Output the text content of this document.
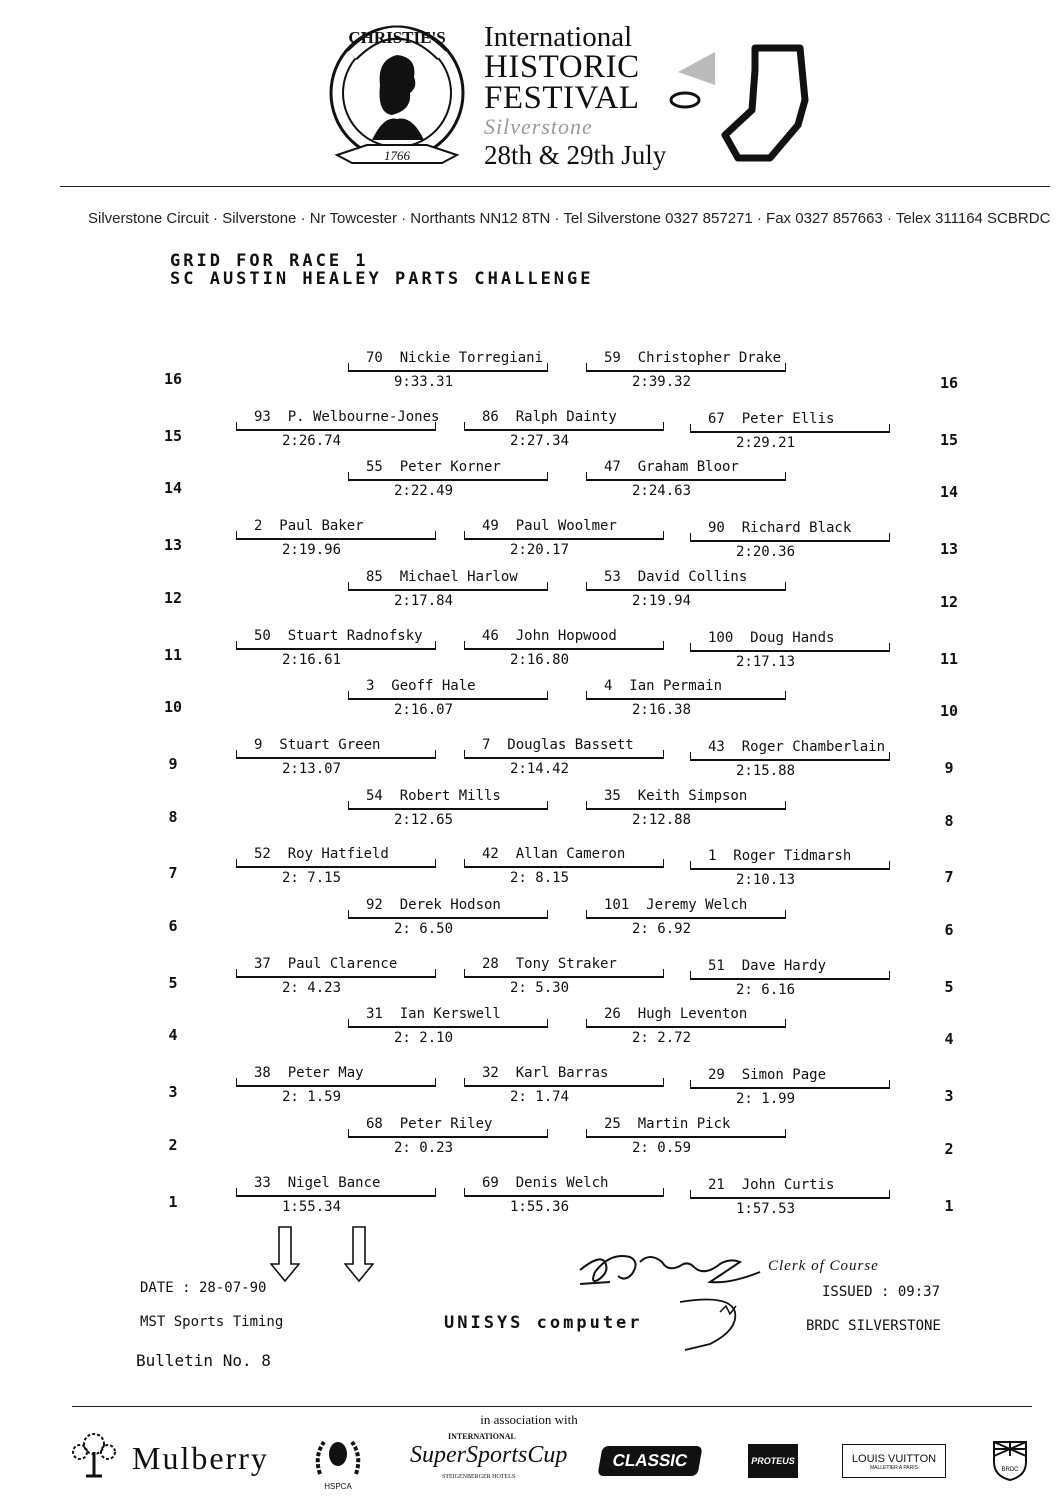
CHRISTIE'S
1766
International
HISTORIC
FESTIVAL
Silverstone
28th & 29th July
Silverstone Circuit · Silverstone · Nr Towcester · Northants NN12 8TN · Tel Silverstone 0327 857271 · Fax 0327 857663 · Telex 311164 SCBRDC
GRID FOR RACE 1
SC AUSTIN HEALEY PARTS CHALLENGE
16	16
70 Nickie Torregiani
9:33.31
59 Christopher Drake
2:39.32
15	15
93 P. Welbourne-Jones
2:26.74
86 Ralph Dainty
2:27.34
67 Peter Ellis
2:29.21
14	14
55 Peter Korner
2:22.49
47 Graham Bloor
2:24.63
13	13
2 Paul Baker
2:19.96
49 Paul Woolmer
2:20.17
90 Richard Black
2:20.36
12	12
85 Michael Harlow
2:17.84
53 David Collins
2:19.94
11	11
50 Stuart Radnofsky
2:16.61
46 John Hopwood
2:16.80
100 Doug Hands
2:17.13
10	10
3 Geoff Hale
2:16.07
4 Ian Permain
2:16.38
9	9
9 Stuart Green
2:13.07
7 Douglas Bassett
2:14.42
43 Roger Chamberlain
2:15.88
8	8
54 Robert Mills
2:12.65
35 Keith Simpson
2:12.88
7	7
52 Roy Hatfield
2: 7.15
42 Allan Cameron
2: 8.15
1 Roger Tidmarsh
2:10.13
6	6
92 Derek Hodson
2: 6.50
101 Jeremy Welch
2: 6.92
5	5
37 Paul Clarence
2: 4.23
28 Tony Straker
2: 5.30
51 Dave Hardy
2: 6.16
4	4
31 Ian Kerswell
2: 2.10
26 Hugh Leventon
2: 2.72
3	3
38 Peter May
2: 1.59
32 Karl Barras
2: 1.74
29 Simon Page
2: 1.99
2	2
68 Peter Riley
2: 0.23
25 Martin Pick
2: 0.59
1	1
33 Nigel Bance
1:55.34
69 Denis Welch
1:55.36
21 John Curtis
1:57.53
DATE : 28-07-90
MST Sports Timing
Bulletin No. 8
UNISYS computer
Clerk of Course
ISSUED : 09:37
BRDC SILVERSTONE
in association with
Mulberry
HSPCA
INTERNATIONAL
SuperSportsCup
STEIGENBERGER HOTELS
CLASSIC	PROTEUS	LOUIS VUITTON
MALLETIER A PARIS	BRDC
